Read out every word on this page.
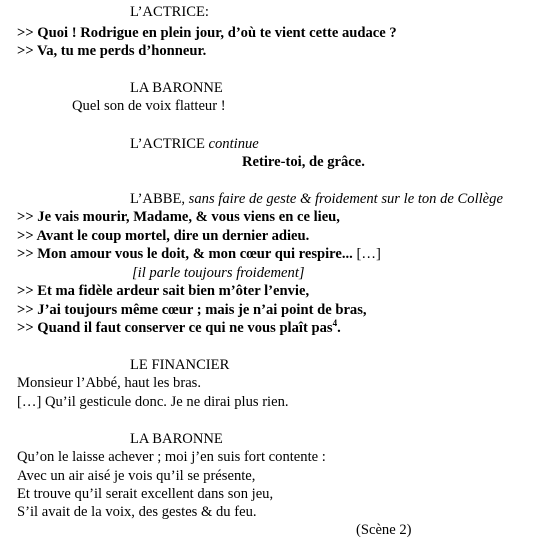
L’ACTRICE:
>> Quoi ! Rodrigue en plein jour, d’où te vient cette audace ?
>> Va, tu me perds d’honneur.
LA BARONNE
Quel son de voix flatteur !
L’ACTRICE continue
Retire-toi, de grâce.
L’ABBE, sans faire de geste & froidement sur le ton de Collège
>> Je vais mourir, Madame, & vous viens en ce lieu,
>> Avant le coup mortel, dire un dernier adieu.
>> Mon amour vous le doit, & mon cœur qui respire... […]
[il parle toujours froidement]
>> Et ma fidèle ardeur sait bien m’ôter l’envie,
>> J’ai toujours même cœur ; mais je n’ai point de bras,
>> Quand il faut conserver ce qui ne vous plaît pas$^4$.
LE FINANCIER
Monsieur l’Abbé, haut les bras.
[…] Qu’il gesticule donc. Je ne dirai plus rien.
LA BARONNE
Qu’on le laisse achever ; moi j’en suis fort contente :
Avec un air aisé je vois qu’il se présente,
Et trouve qu’il serait excellent dans son jeu,
S’il avait de la voix, des gestes & du feu.
(Scène 2)
